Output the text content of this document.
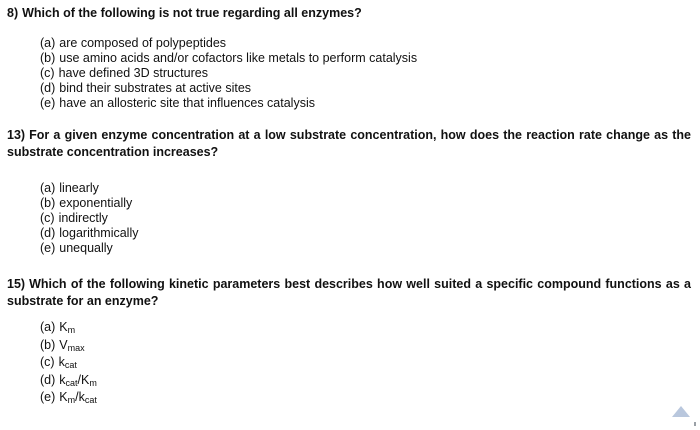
8) Which of the following is not true regarding all enzymes?

(a) are composed of polypeptides
(b) use amino acids and/or cofactors like metals to perform catalysis
(c) have defined 3D structures
(d) bind their substrates at active sites
(e) have an allosteric site that influences catalysis

13) For a given enzyme concentration at a low substrate concentration, how does the reaction rate change as the substrate concentration increases?

(a) linearly
(b) exponentially
(c) indirectly
(d) logarithmically
(e) unequally

15) Which of the following kinetic parameters best describes how well suited a specific compound functions as a substrate for an enzyme?

(a) $K_m$
(b) $V_{max}$
(c) $k_{cat}$
(d) $k_{cat}/K_m$
(e) $K_m/k_{cat}$
